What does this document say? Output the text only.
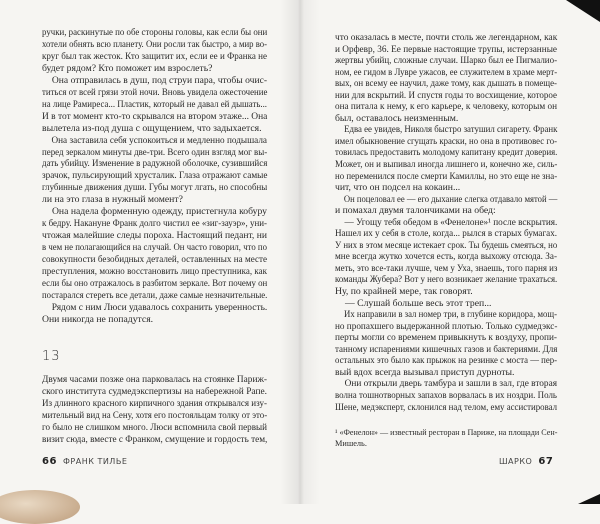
ручки, раскинутые по обе стороны головы, как если бы они
хотели обнять всю планету. Они росли так быстро, а мир во-
круг был так жесток. Кто защитит их, если ее и Франка не
будет рядом? Кто поможет им взрослеть?
Она отправилась в душ, под струи пара, чтобы очис-
титься от всей грязи этой ночи. Вновь увидела ожесточение
на лице Рамиреса... Пластик, который не давал ей дышать...
И в тот момент кто-то скрывался на втором этаже... Она
вылетела из-под душа с ощущением, что задыхается.
Она заставила себя успокоиться и медленно подышала
перед зеркалом минуты две-три. Всего один взгляд мог вы-
дать убийцу. Изменение в радужной оболочке, сузившийся
зрачок, пульсирующий хрусталик. Глаза отражают самые
глубинные движения души. Губы могут лгать, но способны
ли на это глаза в нужный момент?
Она надела форменную одежду, пристегнула кобуру
к бедру. Накануне Франк долго чистил ее «зиг-зауэр», уни-
чтожая малейшие следы пороха. Настоящий педант, ни
в чем не полагающийся на случай. Он часто говорил, что по
совокупности безобидных деталей, оставленных на месте
преступления, можно восстановить лицо преступника, как
если бы оно отражалось в разбитом зеркале. Вот почему он
постарался стереть все детали, даже самые незначительные.
Рядом с ним Люси удавалось сохранить уверенность.
Они никогда не попадутся.
13
Двумя часами позже она парковалась на стоянке Париж-
ского института судмедэкспертизы на набережной Рапе.
Из длинного красного кирпичного здания открывался изу-
мительный вид на Сену, хотя его постояльцам толку от это-
го было не слишком много. Люси вспомнила свой первый
визит сюда, вместе с Франком, смущение и гордость тем,
66 ФРАНК ТИЛЬЕ
что оказалась в месте, почти столь же легендарном, как
и Орфевр, 36. Ее первые настоящие трупы, истерзанные
жертвы убийц, сложные случаи. Шарко был ее Пигмалио-
ном, ее гидом в Лувре ужасов, ее служителем в храме мерт-
вых, он всему ее научил, даже тому, как дышать в помеще-
нии для вскрытий. И спустя годы то восхищение, которое
она питала к нему, к его карьере, к человеку, которым он
был, оставалось неизменным.
Едва ее увидев, Николя быстро затушил сигарету. Франк
имел обыкновение сгущать краски, но она в противовес го-
товилась предоставить молодому капитану кредит доверия.
Может, он и выпивал иногда лишнего и, конечно же, силь-
но переменился после смерти Камиллы, но это еще не зна-
чит, что он подсел на кокаин...
Он поцеловал ее — его дыхание слегка отдавало мятой —
и помахал двумя талончиками на обед:
— Угощу тебя обедом в «Фенелоне»¹ после вскрытия.
Нашел их у себя в столе, когда... рылся в старых бумагах.
У них в этом месяце истекает срок. Ты будешь смеяться, но
мне всегда жутко хочется есть, когда выхожу отсюда. За-
меть, это все-таки лучше, чем у Уха, знаешь, того парня из
команды Жубера? Вот у него возникает желание трахаться.
Ну, по крайней мере, так говорят.
— Слушай больше весь этот треп...
Их направили в зал номер три, в глубине коридора, мощ-
но пропахшего выдержанной плотью. Только судмедэкс-
перты могли со временем привыкнуть к воздуху, пропи-
танному испарениями кишечных газов и бактериями. Для
остальных это было как прыжок на резинке с моста — пер-
вый вдох всегда вызывал приступ дурноты.
Они открыли дверь тамбура и зашли в зал, где вторая
волна тошнотворных запахов ворвалась в их ноздри. Поль
Шене, медэксперт, склонился над телом, ему ассистировал
¹ «Фенелон» — известный ресторан в Париже, на площади Сен-
Мишель.
ШАРКО 67
